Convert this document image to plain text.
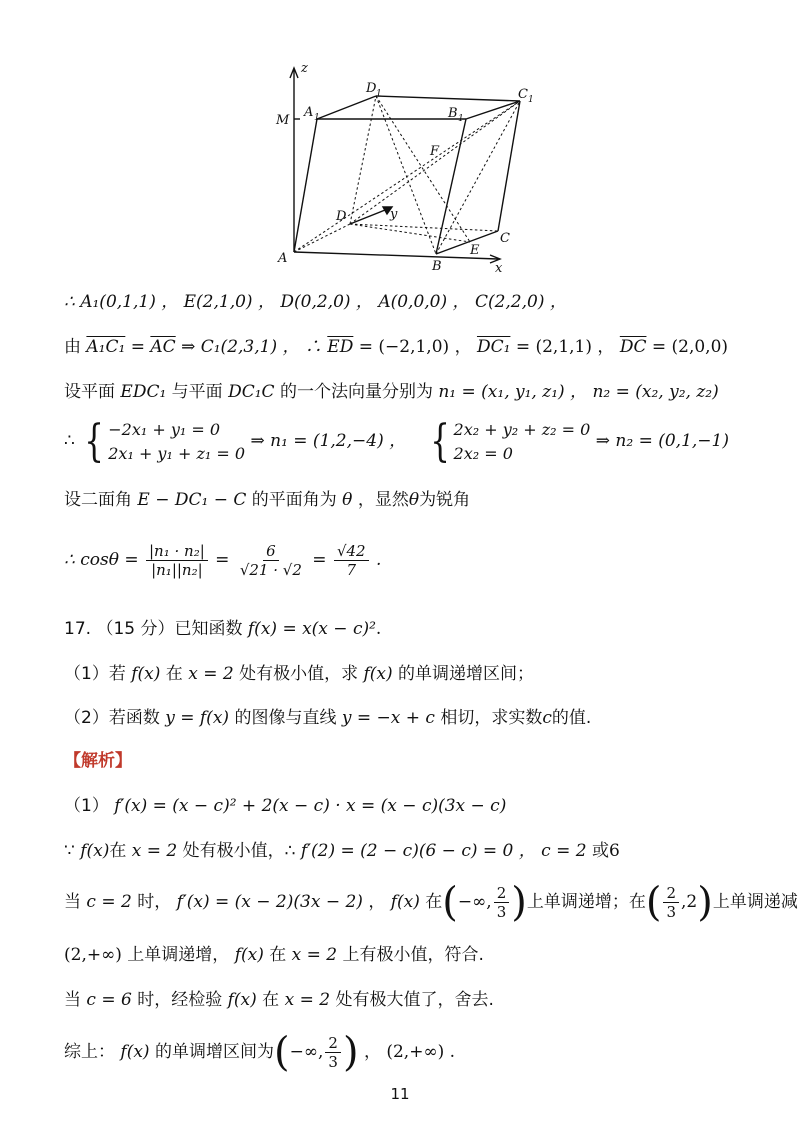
z
M
A 1
D 1
B 1
C 1
F
D	y
C
E
A
B	x
∴ A₁(0,1,1) ， E(2,1,0) ， D(0,2,0) ， A(0,0,0) ， C(2,2,0) ，
由 $A_1C_1 = \overline{AC}$ ⇒ C₁(2,3,1) ， ∴ $\overline{ED} = (-2,1,0)$ ， DC₁ = (2,1,1) ， $\overline{DC} = (2,0,0)$
设平面 EDC₁ 与平面 DC₁C 的一个法向量分别为 n₁ = (x₁, y₁, z₁) ， n₂ = (x₂, y₂, z₂)
∴ { −2x₁ + y₁ = 0
2x₁ + y₁ + z₁ = 0
⇒ n₁ = (1,2,−4) ， { 2x₂ + y₂ + z₂ = 0
2x₂ = 0
⇒ n₂ = (0,1,−1)
设二面角 E − DC₁ − C 的平面角为 θ ，显然θ为锐角
∴ $\cos\theta = \frac{\text{|n₁ · n₂|}}{\text{|n₁||n₂|}} = \frac{6}{√21 \cdot √2} = \frac{√42}{7}$ .
17. （15 分）已知函数 f(x) = x(x − c)².
（1）若 f(x) 在 x = 2 处有极小值，求 f(x) 的单调递增区间；
（2）若函数 y = f(x) 的图像与直线 y = −x + c 相切，求实数c的值.
【解析】
（1） f′(x) = (x − c)² + 2(x − c) · x = (x − c)(3x − c)
∵ f(x)在 x = 2 处有极小值，∴ f′(2) = (2 − c)(6 − c) = 0 ， c = 2 或6
当 c = 2 时， f′(x) = (x − 2)(3x − 2) ， f(x) 在(−∞, $\frac{2}{3}$ )上单调递增；在( $\frac{2}{3} ,2$)上单调递减
(2,+∞) 上单调递增， f(x) 在 x = 2 上有极小值，符合.
当 c = 6 时，经检验 f(x) 在 x = 2 处有极大值了，舍去.
综上： f(x) 的单调增区间为(−∞, $\frac{2}{3}$ ) ， (2,+∞) .
11
